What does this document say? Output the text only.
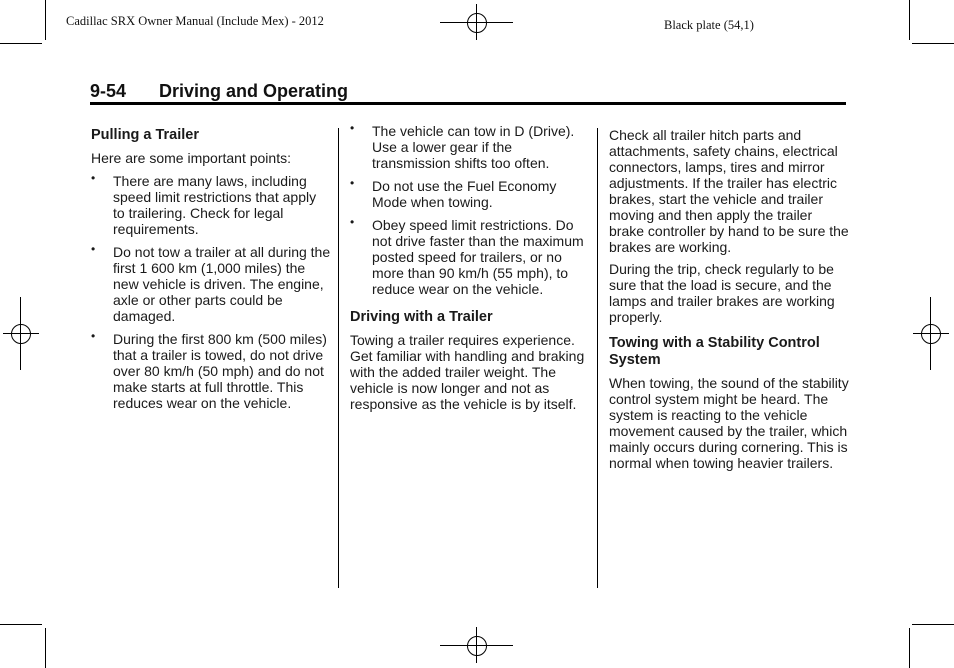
Cadillac SRX Owner Manual (Include Mex) - 2012	Black plate (54,1)
9-54 Driving and Operating
Pulling a Trailer

Here are some important points:

• There are many laws, including speed limit restrictions that apply to trailering. Check for legal requirements.
• Do not tow a trailer at all during the first 1 600 km (1,000 miles) the new vehicle is driven. The engine, axle or other parts could be damaged.
• During the first 800 km (500 miles) that a trailer is towed, do not drive over 80 km/h (50 mph) and do not make starts at full throttle. This reduces wear on the vehicle.
• The vehicle can tow in D (Drive). Use a lower gear if the transmission shifts too often.
• Do not use the Fuel Economy Mode when towing.
• Obey speed limit restrictions. Do not drive faster than the maximum posted speed for trailers, or no more than 90 km/h (55 mph), to reduce wear on the vehicle.
Driving with a Trailer

Towing a trailer requires experience. Get familiar with handling and braking with the added trailer weight. The vehicle is now longer and not as responsive as the vehicle is by itself.

Check all trailer hitch parts and attachments, safety chains, electrical connectors, lamps, tires and mirror adjustments. If the trailer has electric brakes, start the vehicle and trailer moving and then apply the trailer brake controller by hand to be sure the brakes are working.

During the trip, check regularly to be sure that the load is secure, and the lamps and trailer brakes are working properly.

Towing with a Stability Control System

When towing, the sound of the stability control system might be heard. The system is reacting to the vehicle movement caused by the trailer, which mainly occurs during cornering. This is normal when towing heavier trailers.
